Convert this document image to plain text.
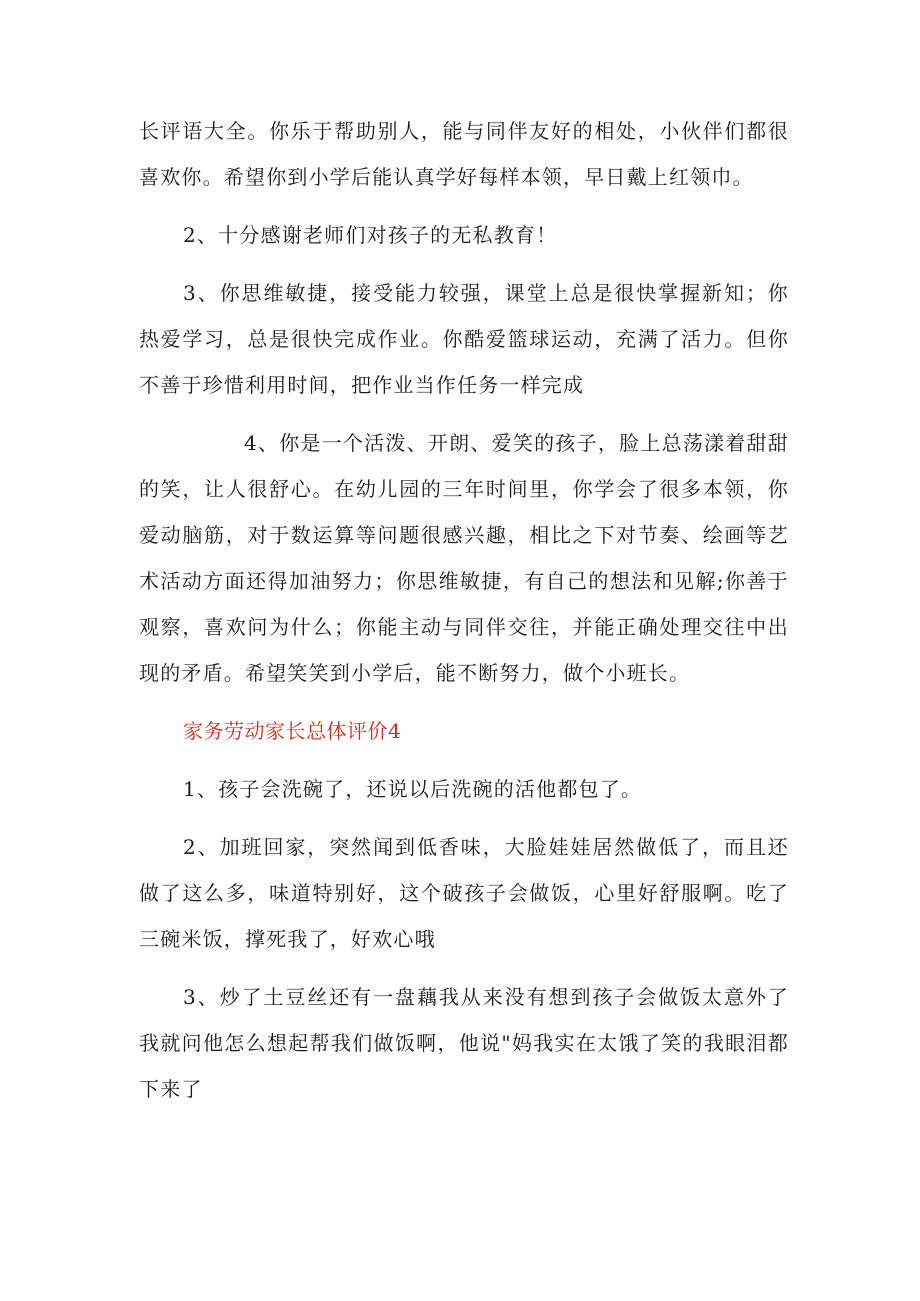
长评语大全。你乐于帮助别人，能与同伴友好的相处，小伙伴们都很喜欢你。希望你到小学后能认真学好每样本领，早日戴上红领巾。

2、十分感谢老师们对孩子的无私教育！

3、你思维敏捷，接受能力较强，课堂上总是很快掌握新知；你热爱学习，总是很快完成作业。你酷爱篮球运动，充满了活力。但你不善于珍惜利用时间，把作业当作任务一样完成

4、你是一个活泼、开朗、爱笑的孩子，脸上总荡漾着甜甜的笑，让人很舒心。在幼儿园的三年时间里，你学会了很多本领，你爱动脑筋，对于数运算等问题很感兴趣，相比之下对节奏、绘画等艺术活动方面还得加油努力；你思维敏捷，有自己的想法和见解;你善于观察，喜欢问为什么；你能主动与同伴交往，并能正确处理交往中出现的矛盾。希望笑笑到小学后，能不断努力，做个小班长。

家务劳动家长总体评价4

1、孩子会洗碗了，还说以后洗碗的活他都包了。

2、加班回家，突然闻到低香味，大脸娃娃居然做低了，而且还做了这么多，味道特别好，这个破孩子会做饭，心里好舒服啊。吃了三碗米饭，撑死我了，好欢心哦

3、炒了土豆丝还有一盘藕我从来没有想到孩子会做饭太意外了我就问他怎么想起帮我们做饭啊，他说"妈我实在太饿了笑的我眼泪都下来了
